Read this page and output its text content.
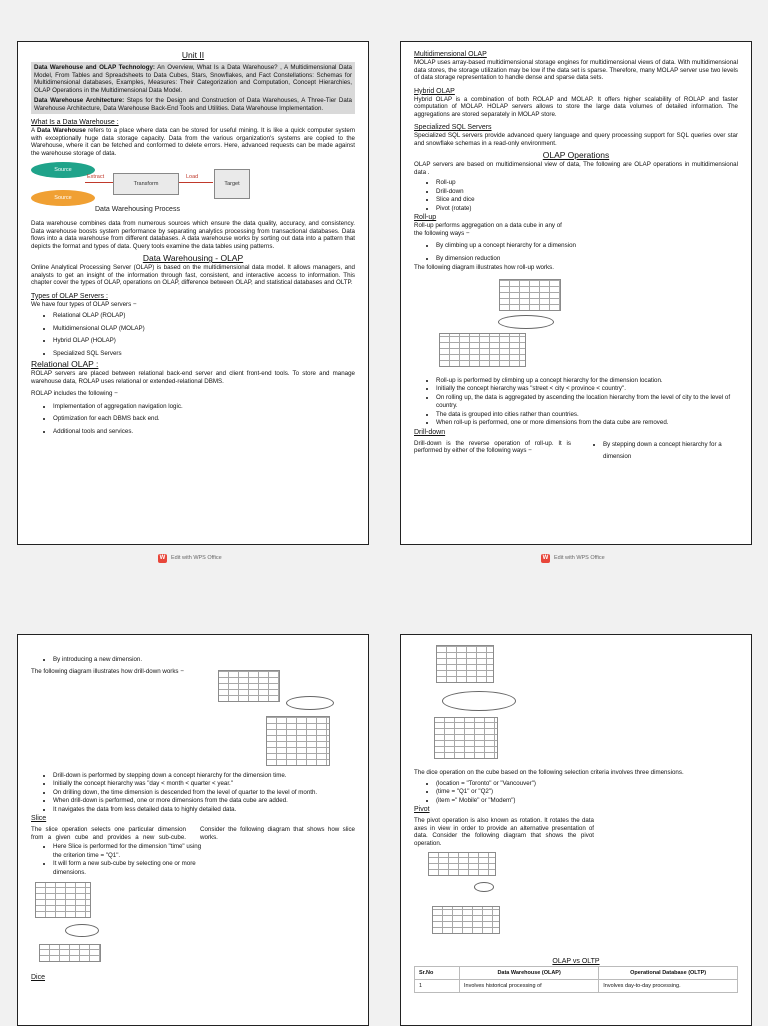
Unit II

Data Warehouse and OLAP Technology: An Overview, What Is a Data Warehouse? , A Multidimensional Data Model, From Tables and Spreadsheets to Data Cubes, Stars, Snowflakes, and Fact Constellations: Schemas for Multidimensional databases, Examples, Measures: Their Categorization and Computation, Concept Hierarchies, OLAP Operations in the Multidimensional Data Model.

Data Warehouse Architecture: Steps for the Design and Construction of Data Warehouses, A Three-Tier Data Warehouse Architecture, Data Warehouse Back-End Tools and Utilities. Data Warehouse Implementation.

What Is a Data Warehouse :

A Data Warehouse refers to a place where data can be stored for useful mining. It is like a quick computer system with exceptionally huge data storage capacity. Data from the various organization's systems are copied to the Warehouse, where it can be fetched and conformed to delete errors. Here, advanced requests can be made against the warehouse storage of data.

Source
Source
Extract
Transform
Load
Target
Data Warehousing Process

Data warehouse combines data from numerous sources which ensure the data quality, accuracy, and consistency. Data warehouse boosts system performance by separating analytics processing from transactional databases. Data flows into a data warehouse from different databases. A data warehouse works by sorting out data into a pattern that depicts the format and types of data. Query tools examine the data tables using patterns.

Data Warehousing - OLAP

Online Analytical Processing Server (OLAP) is based on the multidimensional data model. It allows managers, and analysts to get an insight of the information through fast, consistent, and interactive access to information. This chapter cover the types of OLAP, operations on OLAP, difference between OLAP, and statistical databases and OLTP.

Types of OLAP Servers :

We have four types of OLAP servers −

• Relational OLAP (ROLAP)
• Multidimensional OLAP (MOLAP)
• Hybrid OLAP (HOLAP)
• Specialized SQL Servers
Relational OLAP :

ROLAP servers are placed between relational back-end server and client front-end tools. To store and manage warehouse data, ROLAP uses relational or extended-relational DBMS.

ROLAP includes the following −

• Implementation of aggregation navigation logic.
• Optimization for each DBMS back end.
• Additional tools and services.
W	Edit with WPS Office
Multidimensional OLAP

MOLAP uses array-based multidimensional storage engines for multidimensional views of data. With multidimensional data stores, the storage utilization may be low if the data set is sparse. Therefore, many MOLAP server use two levels of data storage representation to handle dense and sparse data sets.

Hybrid OLAP

Hybrid OLAP is a combination of both ROLAP and MOLAP. It offers higher scalability of ROLAP and faster computation of MOLAP. HOLAP servers allows to store the large data volumes of detailed information. The aggregations are stored separately in MOLAP store.

Specialized SQL Servers

Specialized SQL servers provide advanced query language and query processing support for SQL queries over star and snowflake schemas in a read-only environment.

OLAP Operations

OLAP servers are based on multidimensional view of data, The following are OLAP operations in multidimensional data .

• Roll-up
• Drill-down
• Slice and dice
• Pivot (rotate)
Roll-up

Roll-up performs aggregation on a data cube in any of the following ways −

• By climbing up a concept hierarchy for a dimension
• By dimension reduction

The following diagram illustrates how roll-up works.

• Roll-up is performed by climbing up a concept hierarchy for the dimension location.
• Initially the concept hierarchy was "street < city < province < country".
• On rolling up, the data is aggregated by ascending the location hierarchy from the level of city to the level of country.
• The data is grouped into cities rather than countries.
• When roll-up is performed, one or more dimensions from the data cube are removed.
Drill-down

Drill-down is the reverse operation of roll-up. It is performed by either of the following ways −

• By stepping down a concept hierarchy for a dimension
W	Edit with WPS Office
• By introducing a new dimension.

The following diagram illustrates how drill-down works −

• Drill-down is performed by stepping down a concept hierarchy for the dimension time.
• Initially the concept hierarchy was "day < month < quarter < year."
• On drilling down, the time dimension is descended from the level of quarter to the level of month.
• When drill-down is performed, one or more dimensions from the data cube are added.
• It navigates the data from less detailed data to highly detailed data.
Slice

The slice operation selects one particular dimension from a given cube and provides a new sub-cube. Consider the following diagram that shows how slice works.

• Here Slice is performed for the dimension "time" using the criterion time = "Q1".
• It will form a new sub-cube by selecting one or more dimensions.
Dice

The dice operation on the cube based on the following selection criteria involves three dimensions.

• (location = "Toronto" or "Vancouver")
• (time = "Q1" or "Q2")
• (item =" Mobile" or "Modem")
Pivot

The pivot operation is also known as rotation. It rotates the data axes in view in order to provide an alternative presentation of data. Consider the following diagram that shows the pivot operation.

OLAP vs OLTP
Sr.No	Data Warehouse (OLAP)	Operational Database (OLTP)
1	Involves historical processing of	Involves day-to-day processing.
